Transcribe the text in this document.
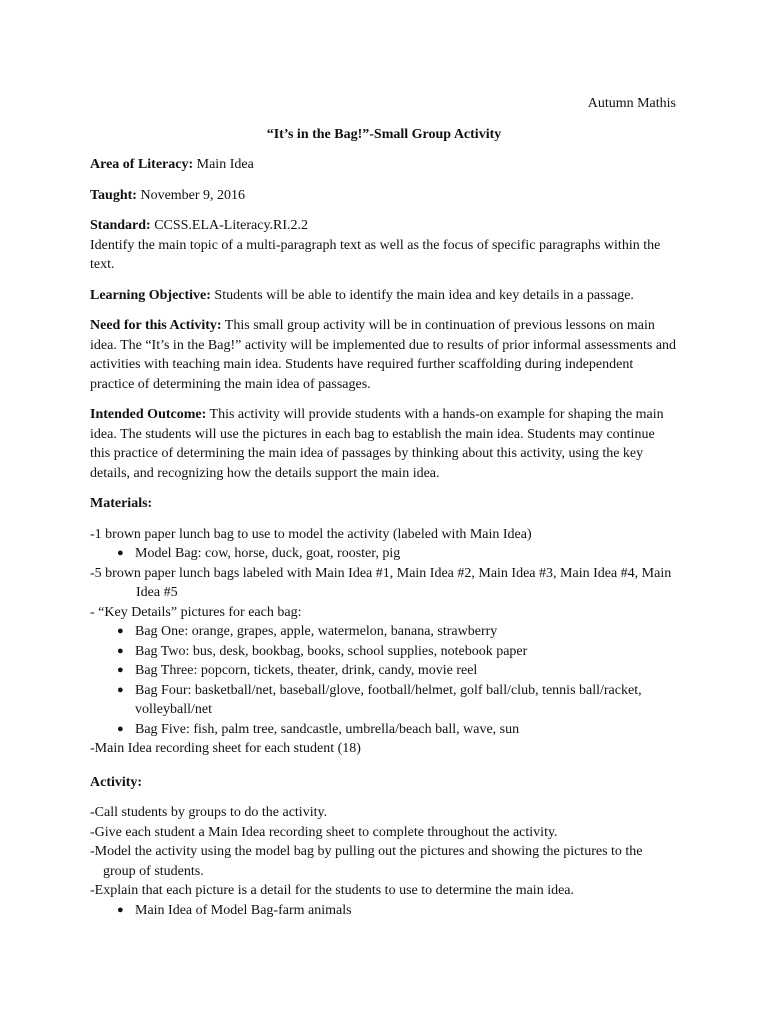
Autumn Mathis

“It’s in the Bag!”-Small Group Activity

Area of Literacy: Main Idea

Taught: November 9, 2016

Standard: CCSS.ELA-Literacy.RI.2.2

Identify the main topic of a multi-paragraph text as well as the focus of specific paragraphs within the text.

Learning Objective: Students will be able to identify the main idea and key details in a passage.

Need for this Activity: This small group activity will be in continuation of previous lessons on main idea. The “It’s in the Bag!” activity will be implemented due to results of prior informal assessments and activities with teaching main idea. Students have required further scaffolding during independent practice of determining the main idea of passages.

Intended Outcome: This activity will provide students with a hands-on example for shaping the main idea. The students will use the pictures in each bag to establish the main idea. Students may continue this practice of determining the main idea of passages by thinking about this activity, using the key details, and recognizing how the details support the main idea.

Materials:

-1 brown paper lunch bag to use to model the activity (labeled with Main Idea)

● Model Bag: cow, horse, duck, goat, rooster, pig

-5 brown paper lunch bags labeled with Main Idea #1, Main Idea #2, Main Idea #3, Main Idea #4, Main Idea #5

- “Key Details” pictures for each bag:

● Bag One: orange, grapes, apple, watermelon, banana, strawberry
● Bag Two: bus, desk, bookbag, books, school supplies, notebook paper
● Bag Three: popcorn, tickets, theater, drink, candy, movie reel
● Bag Four: basketball/net, baseball/glove, football/helmet, golf ball/club, tennis ball/racket, volleyball/net
● Bag Five: fish, palm tree, sandcastle, umbrella/beach ball, wave, sun

-Main Idea recording sheet for each student (18)

Activity:

-Call students by groups to do the activity.

-Give each student a Main Idea recording sheet to complete throughout the activity.

-Model the activity using the model bag by pulling out the pictures and showing the pictures to the group of students.

-Explain that each picture is a detail for the students to use to determine the main idea.

● Main Idea of Model Bag-farm animals
